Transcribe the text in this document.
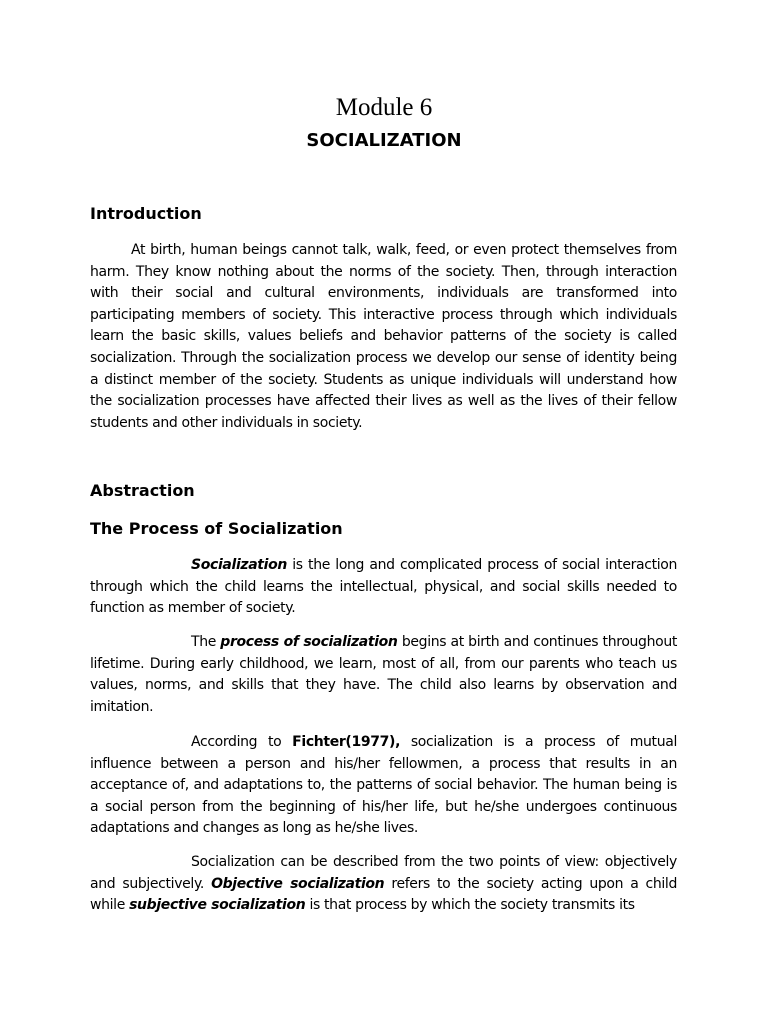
Module 6
SOCIALIZATION
Introduction

At birth, human beings cannot talk, walk, feed, or even protect themselves from harm. They know nothing about the norms of the society. Then, through interaction with their social and cultural environments, individuals are transformed into participating members of society. This interactive process through which individuals learn the basic skills, values beliefs and behavior patterns of the society is called socialization. Through the socialization process we develop our sense of identity being a distinct member of the society. Students as unique individuals will understand how the socialization processes have affected their lives as well as the lives of their fellow students and other individuals in society.

Abstraction
The Process of Socialization

Socialization is the long and complicated process of social interaction through which the child learns the intellectual, physical, and social skills needed to function as member of society.

The process of socialization begins at birth and continues throughout lifetime. During early childhood, we learn, most of all, from our parents who teach us values, norms, and skills that they have. The child also learns by observation and imitation.

According to Fichter(1977), socialization is a process of mutual influence between a person and his/her fellowmen, a process that results in an acceptance of, and adaptations to, the patterns of social behavior. The human being is a social person from the beginning of his/her life, but he/she undergoes continuous adaptations and changes as long as he/she lives.

Socialization can be described from the two points of view: objectively and subjectively. Objective socialization refers to the society acting upon a child while subjective socialization is that process by which the society transmits its
